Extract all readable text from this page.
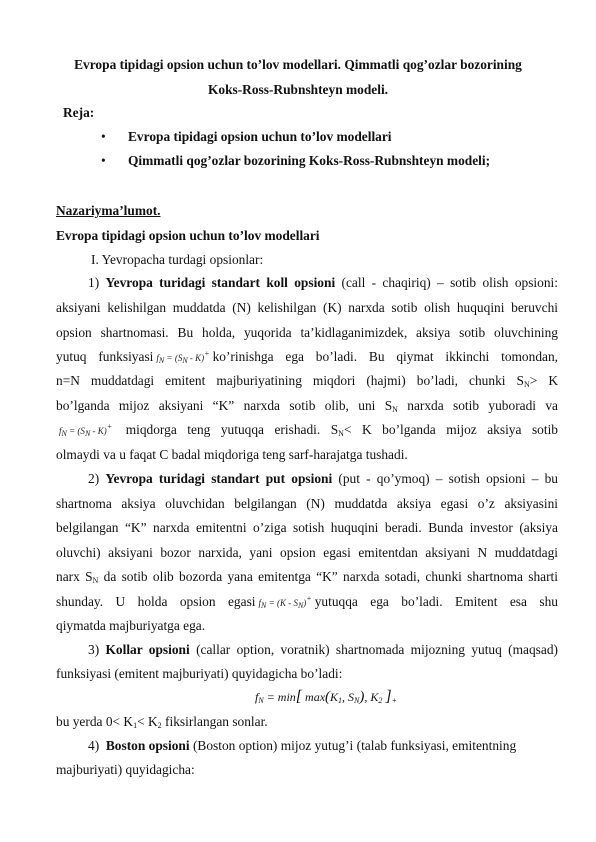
Evropa tipidagi opsion uchun to’lov modellari. Qimmatli qog’ozlar bozorining
Koks-Ross-Rubnshteyn modeli.
Reja:
• Evropa tipidagi opsion uchun to’lov modellari
• Qimmatli qog’ozlar bozorining Koks-Ross-Rubnshteyn modeli;
Nazariyma’lumot.
Evropa tipidagi opsion uchun to’lov modellari
I. Yevropacha turdagi opsionlar:
1) Yevropa turidagi standart koll opsioni (call - chaqiriq) – sotib olish opsioni:
aksiyani kelishilgan muddatda (N) kelishilgan (K) narxda sotib olish huquqini beruvchi
opsion shartnomasi. Bu holda, yuqorida ta’kidlaganimizdek, aksiya sotib oluvchining
yutuq funksiyasi $f_N = (S_N - K)^+$ ko’rinishga ega bo’ladi. Bu qiymat ikkinchi tomondan,
n=N muddatdagi emitent majburiyatining miqdori (hajmi) bo’ladi, chunki $S_N> K$
bo’lganda mijoz aksiyani “K” narxda sotib olib, uni $S_N$ narxda sotib yuboradi va
$f_N = (S_N - K)^+$ miqdorga teng yutuqqa erishadi. $S_N< K$ bo’lganda mijoz aksiya sotib
olmaydi va u faqat C badal miqdoriga teng sarf-harajatga tushadi.
2) Yevropa turidagi standart put opsioni (put - qo’ymoq) – sotish opsioni – bu
shartnoma aksiya oluvchidan belgilangan (N) muddatda aksiya egasi o’z aksiyasini
belgilangan “K” narxda emitentni o’ziga sotish huquqini beradi. Bunda investor (aksiya
oluvchi) aksiyani bozor narxida, yani opsion egasi emitentdan aksiyani N muddatdagi
narx $S_N$ da sotib olib bozorda yana emitentga “K” narxda sotadi, chunki shartnoma sharti
shunday. U holda opsion egasi $f_N = (K - S_N)^+$ yutuqqa ega bo’ladi. Emitent esa shu
qiymatda majburiyatga ega.
3) Kollar opsioni (callar option, voratnik) shartnomada mijozning yutuq (maqsad)
funksiyasi (emitent majburiyati) quyidagicha bo’ladi:
$f_N = \min$[ $\max(K_1$, $S_N$), $K_2$ ]$_+$
bu yerda $0< K_1< K_2$ fiksirlangan sonlar.
4) Boston opsioni (Boston option) mijoz yutug’i (talab funksiyasi, emitentning
majburiyati) quyidagicha:
